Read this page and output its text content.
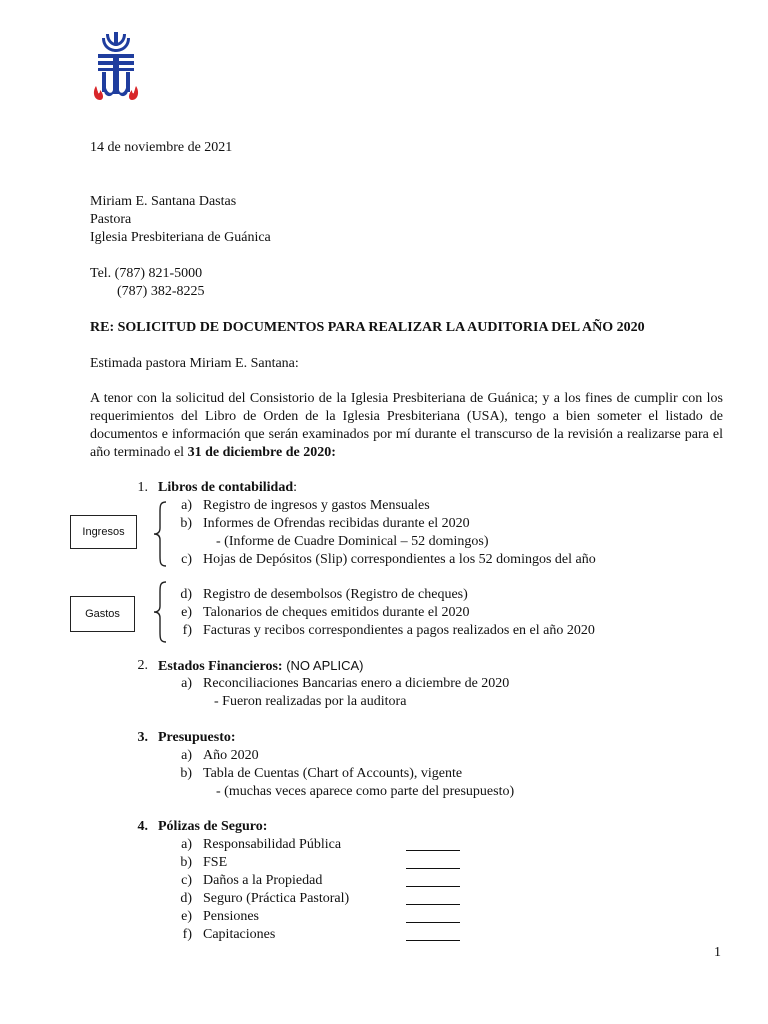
14 de noviembre de 2021
Miriam E. Santana Dastas
Pastora
Iglesia Presbiteriana de Guánica
Tel. (787) 821-5000
(787) 382-8225
RE: SOLICITUD DE DOCUMENTOS PARA REALIZAR LA AUDITORIA DEL AÑO 2020
Estimada pastora Miriam E. Santana:
A tenor con la solicitud del Consistorio de la Iglesia Presbiteriana de Guánica; y a los fines de cumplir con los requerimientos del Libro de Orden de la Iglesia Presbiteriana (USA), tengo a bien someter el listado de documentos e información que serán examinados por mí durante el transcurso de la revisión a realizarse para el año terminado el 31 de diciembre de 2020:
1. Libros de contabilidad:
Ingresos
Gastos
a) Registro de ingresos y gastos Mensuales
b) Informes de Ofrendas recibidas durante el 2020
- (Informe de Cuadre Dominical – 52 domingos)
c) Hojas de Depósitos (Slip) correspondientes a los 52 domingos del año
d) Registro de desembolsos (Registro de cheques)
e) Talonarios de cheques emitidos durante el 2020
f) Facturas y recibos correspondientes a pagos realizados en el año 2020
2. Estados Financieros: (NO APLICA)
a) Reconciliaciones Bancarias enero a diciembre de 2020
- Fueron realizadas por la auditora
3. Presupuesto:
a) Año 2020
b) Tabla de Cuentas (Chart of Accounts), vigente
- (muchas veces aparece como parte del presupuesto)
4. Pólizas de Seguro:
a) Responsabilidad Pública
b) FSE
c) Daños a la Propiedad
d) Seguro (Práctica Pastoral)
e) Pensiones
f) Capitaciones
1
